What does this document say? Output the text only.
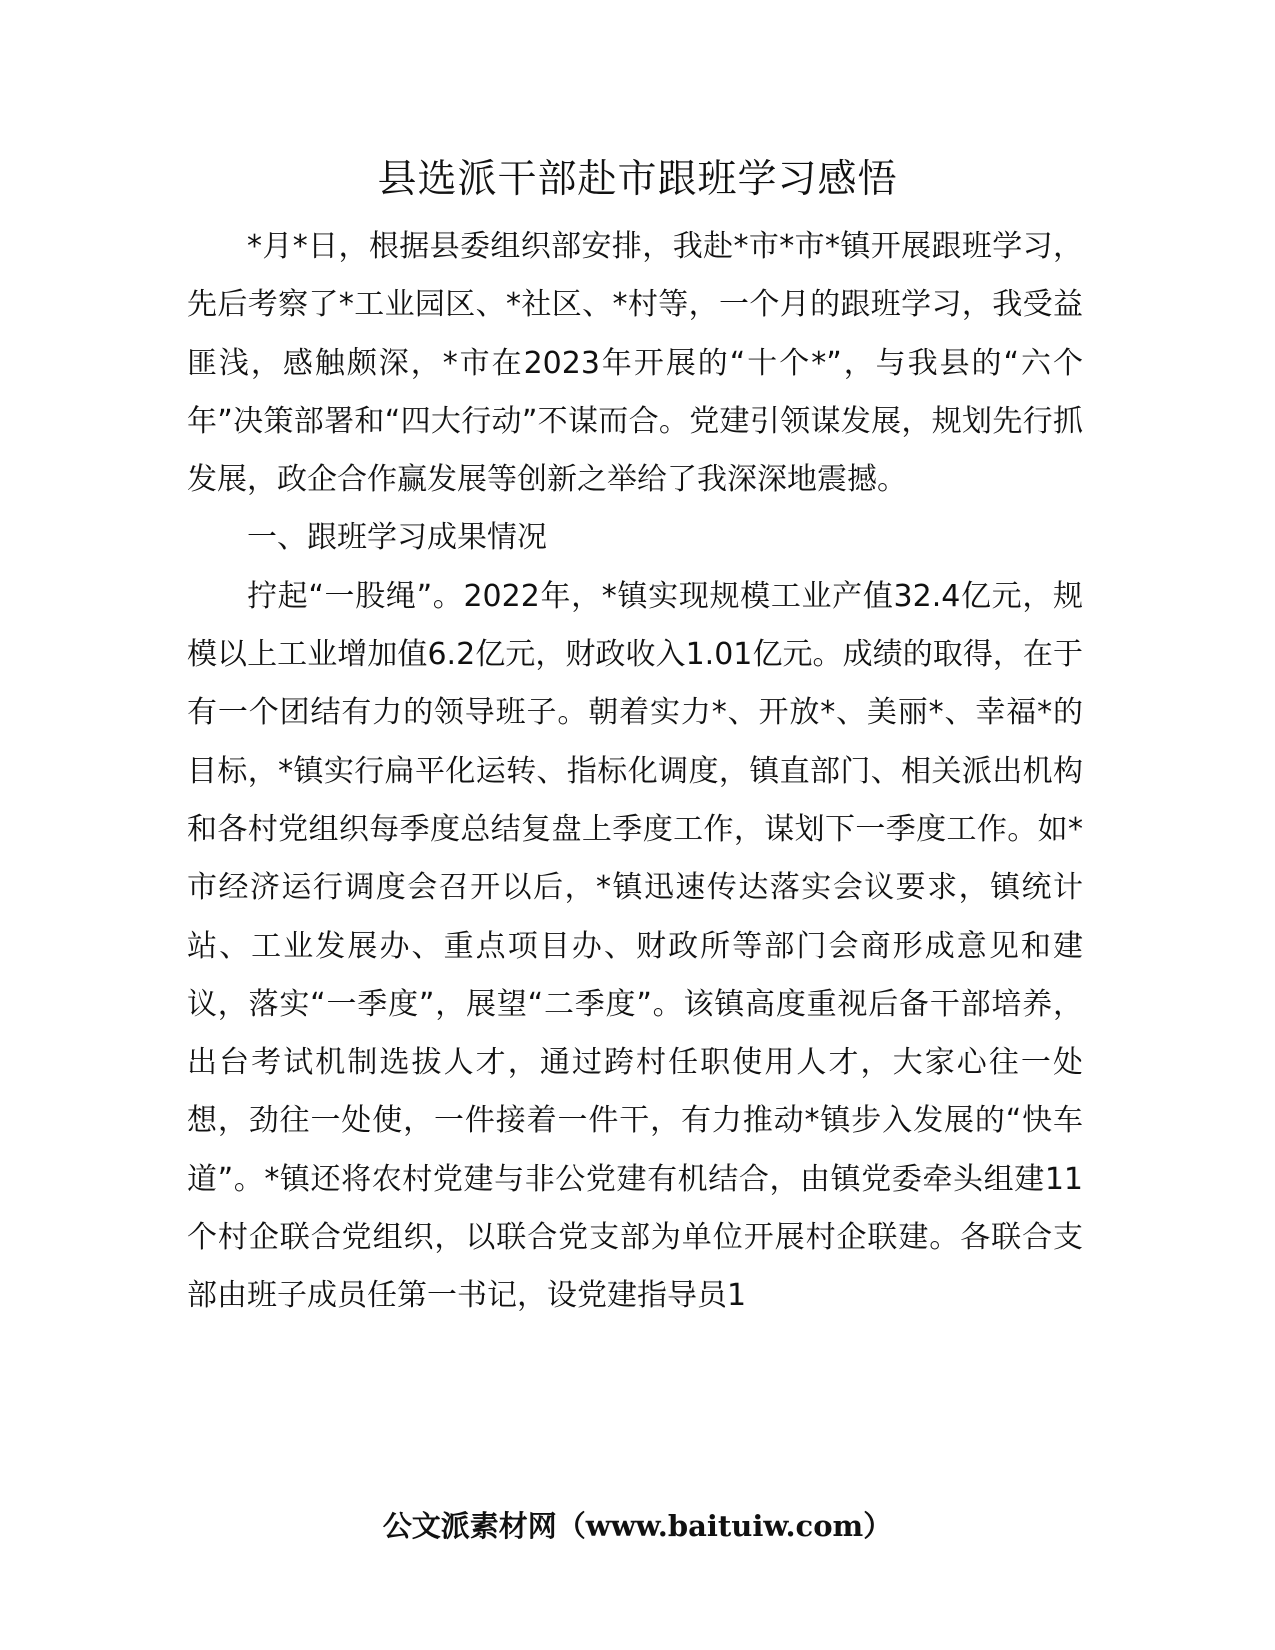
县选派干部赴市跟班学习感悟

*月*日，根据县委组织部安排，我赴*市*市*镇开展跟班学习，先后考察了*工业园区、*社区、*村等，一个月的跟班学习，我受益匪浅，感触颇深，*市在2023年开展的“十个*”，与我县的“六个年”决策部署和“四大行动”不谋而合。党建引领谋发展，规划先行抓发展，政企合作赢发展等创新之举给了我深深地震撼。

一、跟班学习成果情况

拧起“一股绳”。2022年，*镇实现规模工业产值32.4亿元，规模以上工业增加值6.2亿元，财政收入1.01亿元。成绩的取得，在于有一个团结有力的领导班子。朝着实力*、开放*、美丽*、幸福*的目标，*镇实行扁平化运转、指标化调度，镇直部门、相关派出机构和各村党组织每季度总结复盘上季度工作，谋划下一季度工作。如*市经济运行调度会召开以后，*镇迅速传达落实会议要求，镇统计站、工业发展办、重点项目办、财政所等部门会商形成意见和建议，落实“一季度”，展望“二季度”。该镇高度重视后备干部培养，出台考试机制选拔人才，通过跨村任职使用人才，大家心往一处想，劲往一处使，一件接着一件干，有力推动*镇步入发展的“快车道”。*镇还将农村党建与非公党建有机结合，由镇党委牵头组建11个村企联合党组织，以联合党支部为单位开展村企联建。各联合支部由班子成员任第一书记，设党建指导员1

公文派素材网（www.baituiw.com）
